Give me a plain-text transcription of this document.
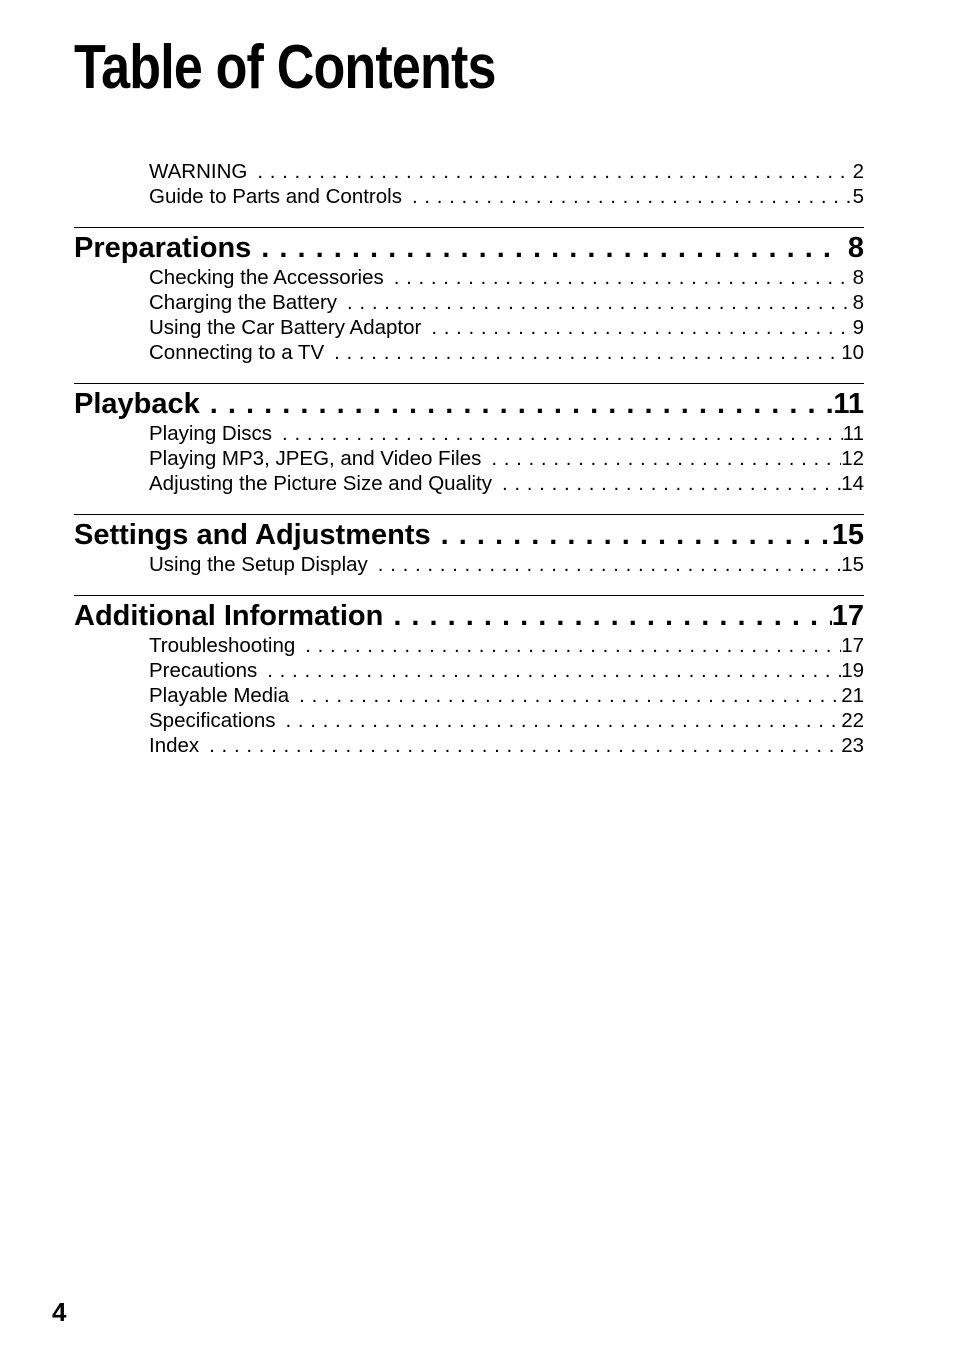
Table of Contents
WARNING . . .	2
Guide to Parts and Controls . . .	5
Preparations . . .	8
Checking the Accessories . . .	8
Charging the Battery . . .	8
Using the Car Battery Adaptor . . .	9
Connecting to a TV . . .	10
Playback . . .	11
Playing Discs . . .	11
Playing MP3, JPEG, and Video Files . . .	12
Adjusting the Picture Size and Quality . . .	14
Settings and Adjustments . . .	15
Using the Setup Display . . .	15
Additional Information . . .	17
Troubleshooting . . .	17
Precautions . . .	19
Playable Media . . .	21
Specifications . . .	22
Index . . .	23
4
